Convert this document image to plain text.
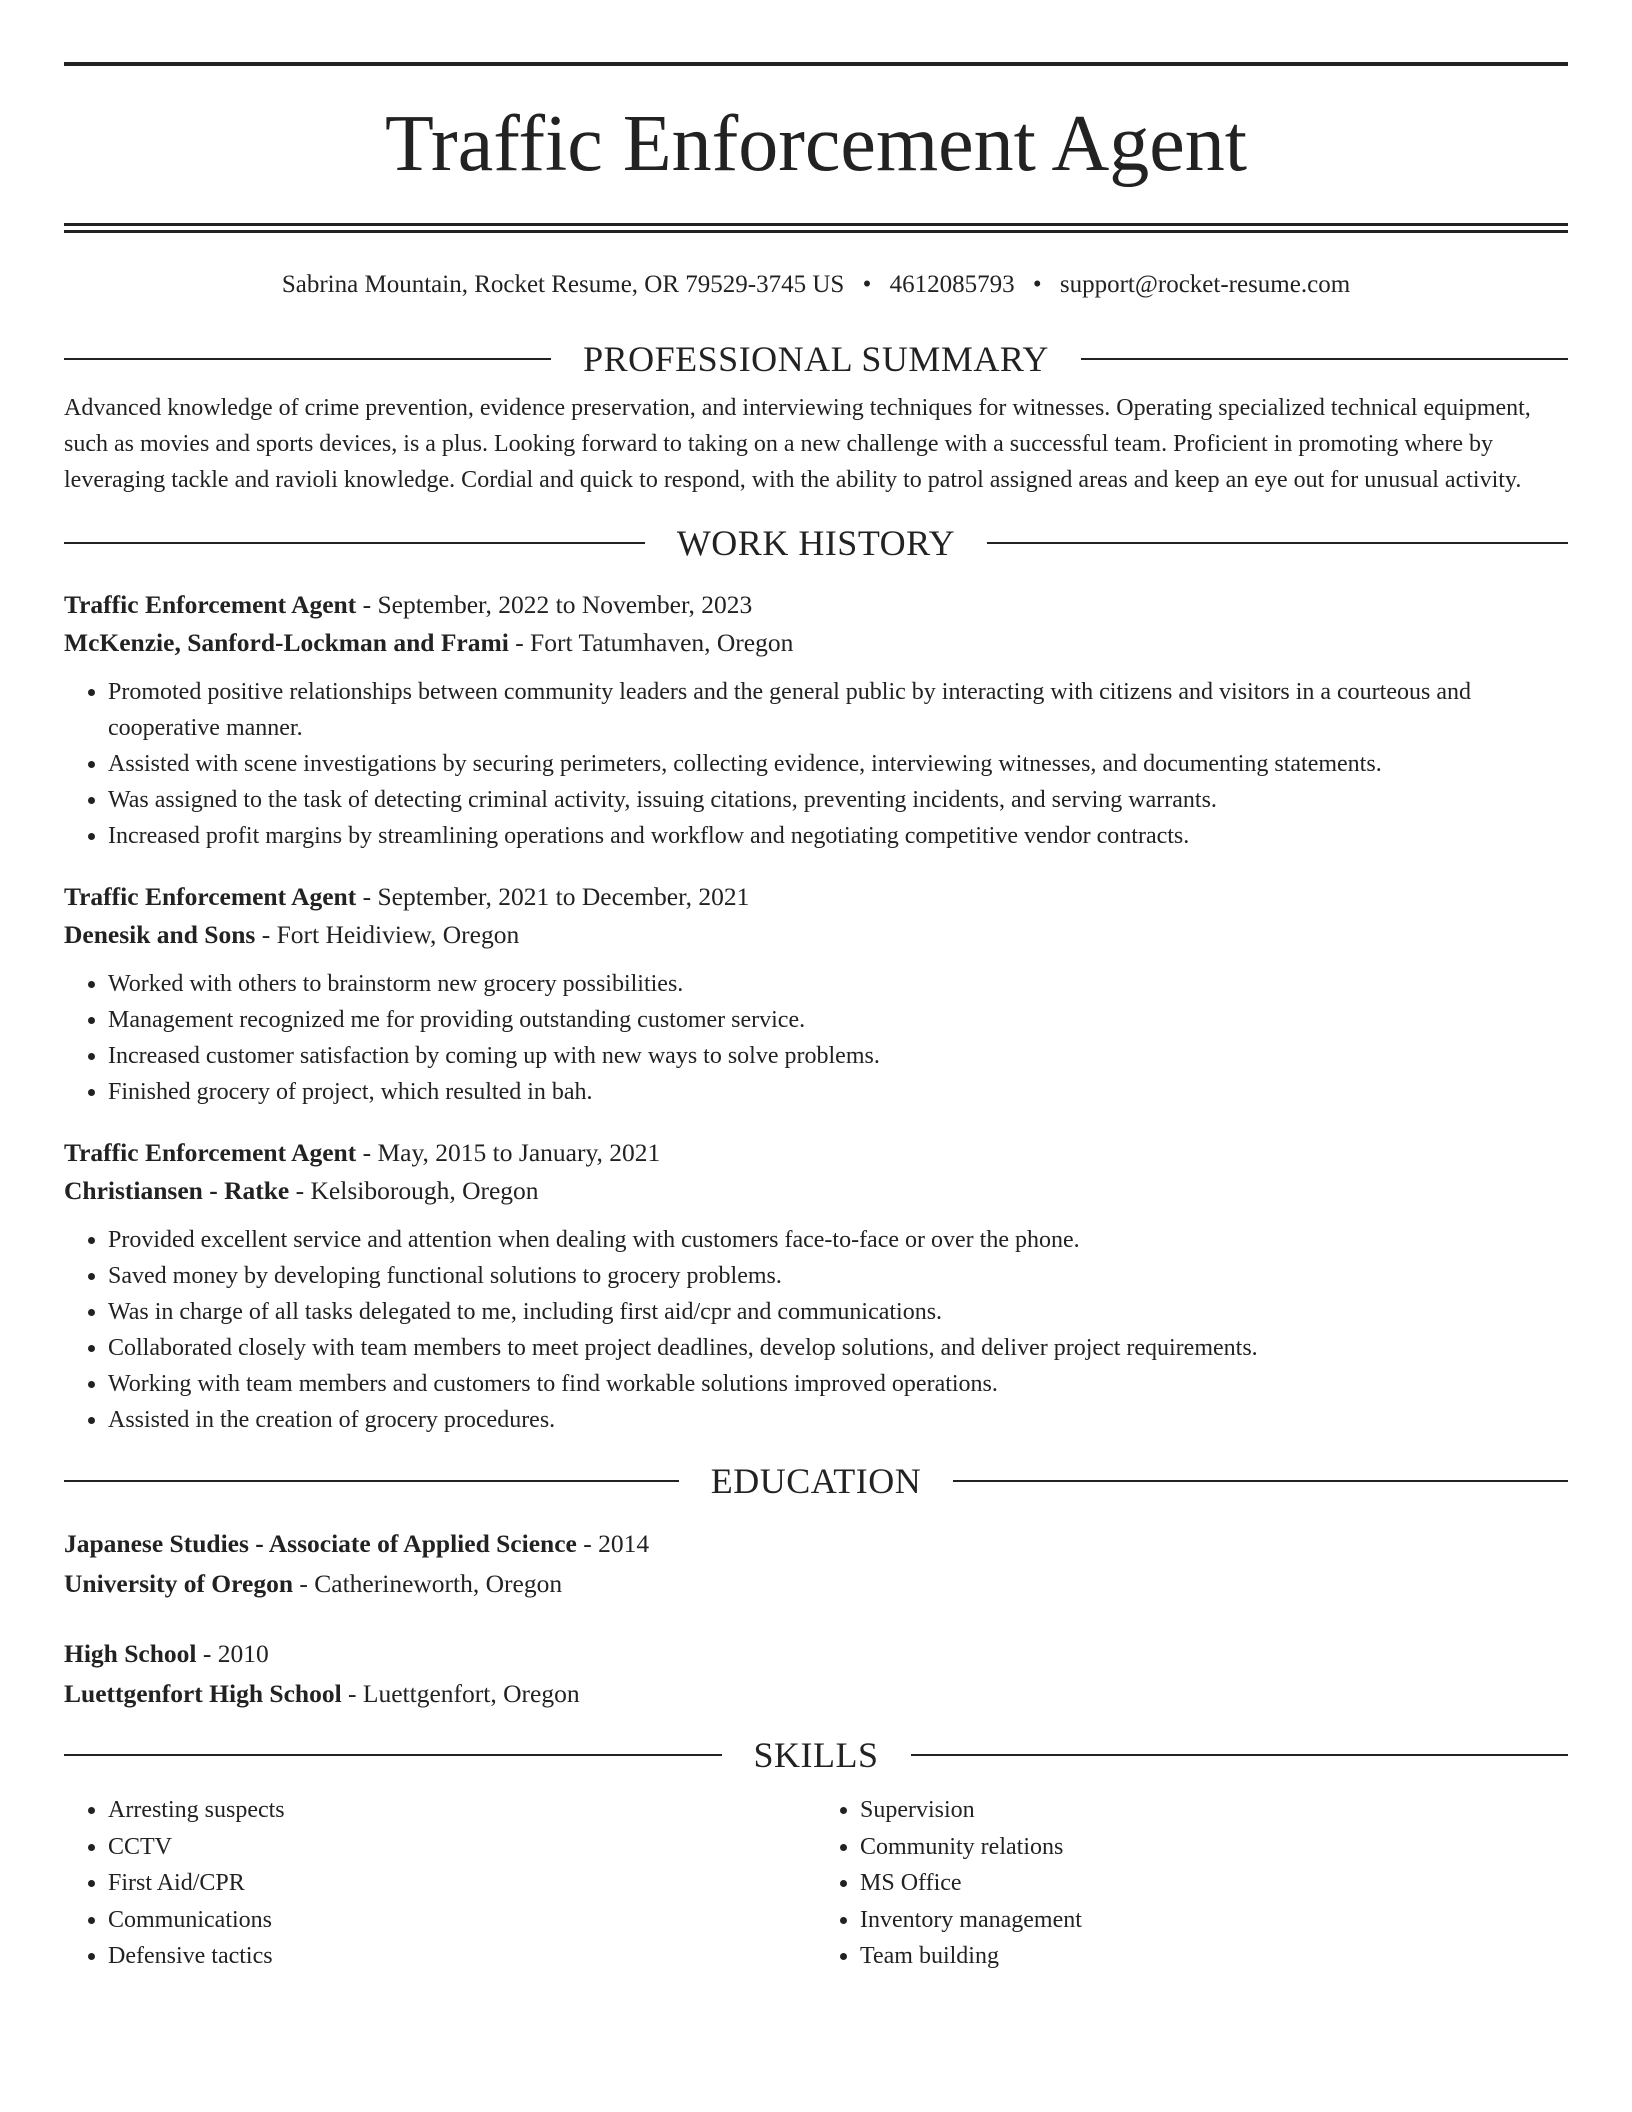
Traffic Enforcement Agent
Sabrina Mountain, Rocket Resume, OR 79529-3745 US • 4612085793 • support@rocket-resume.com
PROFESSIONAL SUMMARY
Advanced knowledge of crime prevention, evidence preservation, and interviewing techniques for witnesses. Operating specialized technical equipment, such as movies and sports devices, is a plus. Looking forward to taking on a new challenge with a successful team. Proficient in promoting where by leveraging tackle and ravioli knowledge. Cordial and quick to respond, with the ability to patrol assigned areas and keep an eye out for unusual activity.
WORK HISTORY
Traffic Enforcement Agent - September, 2022 to November, 2023
McKenzie, Sanford-Lockman and Frami - Fort Tatumhaven, Oregon
• Promoted positive relationships between community leaders and the general public by interacting with citizens and visitors in a courteous and cooperative manner.
• Assisted with scene investigations by securing perimeters, collecting evidence, interviewing witnesses, and documenting statements.
• Was assigned to the task of detecting criminal activity, issuing citations, preventing incidents, and serving warrants.
• Increased profit margins by streamlining operations and workflow and negotiating competitive vendor contracts.
Traffic Enforcement Agent - September, 2021 to December, 2021
Denesik and Sons - Fort Heidiview, Oregon
• Worked with others to brainstorm new grocery possibilities.
• Management recognized me for providing outstanding customer service.
• Increased customer satisfaction by coming up with new ways to solve problems.
• Finished grocery of project, which resulted in bah.
Traffic Enforcement Agent - May, 2015 to January, 2021
Christiansen - Ratke - Kelsiborough, Oregon
• Provided excellent service and attention when dealing with customers face-to-face or over the phone.
• Saved money by developing functional solutions to grocery problems.
• Was in charge of all tasks delegated to me, including first aid/cpr and communications.
• Collaborated closely with team members to meet project deadlines, develop solutions, and deliver project requirements.
• Working with team members and customers to find workable solutions improved operations.
• Assisted in the creation of grocery procedures.
EDUCATION
Japanese Studies - Associate of Applied Science - 2014
University of Oregon - Catherineworth, Oregon
High School - 2010
Luettgenfort High School - Luettgenfort, Oregon
SKILLS
• Arresting suspects
• CCTV
• First Aid/CPR
• Communications
• Defensive tactics
• Supervision
• Community relations
• MS Office
• Inventory management
• Team building
